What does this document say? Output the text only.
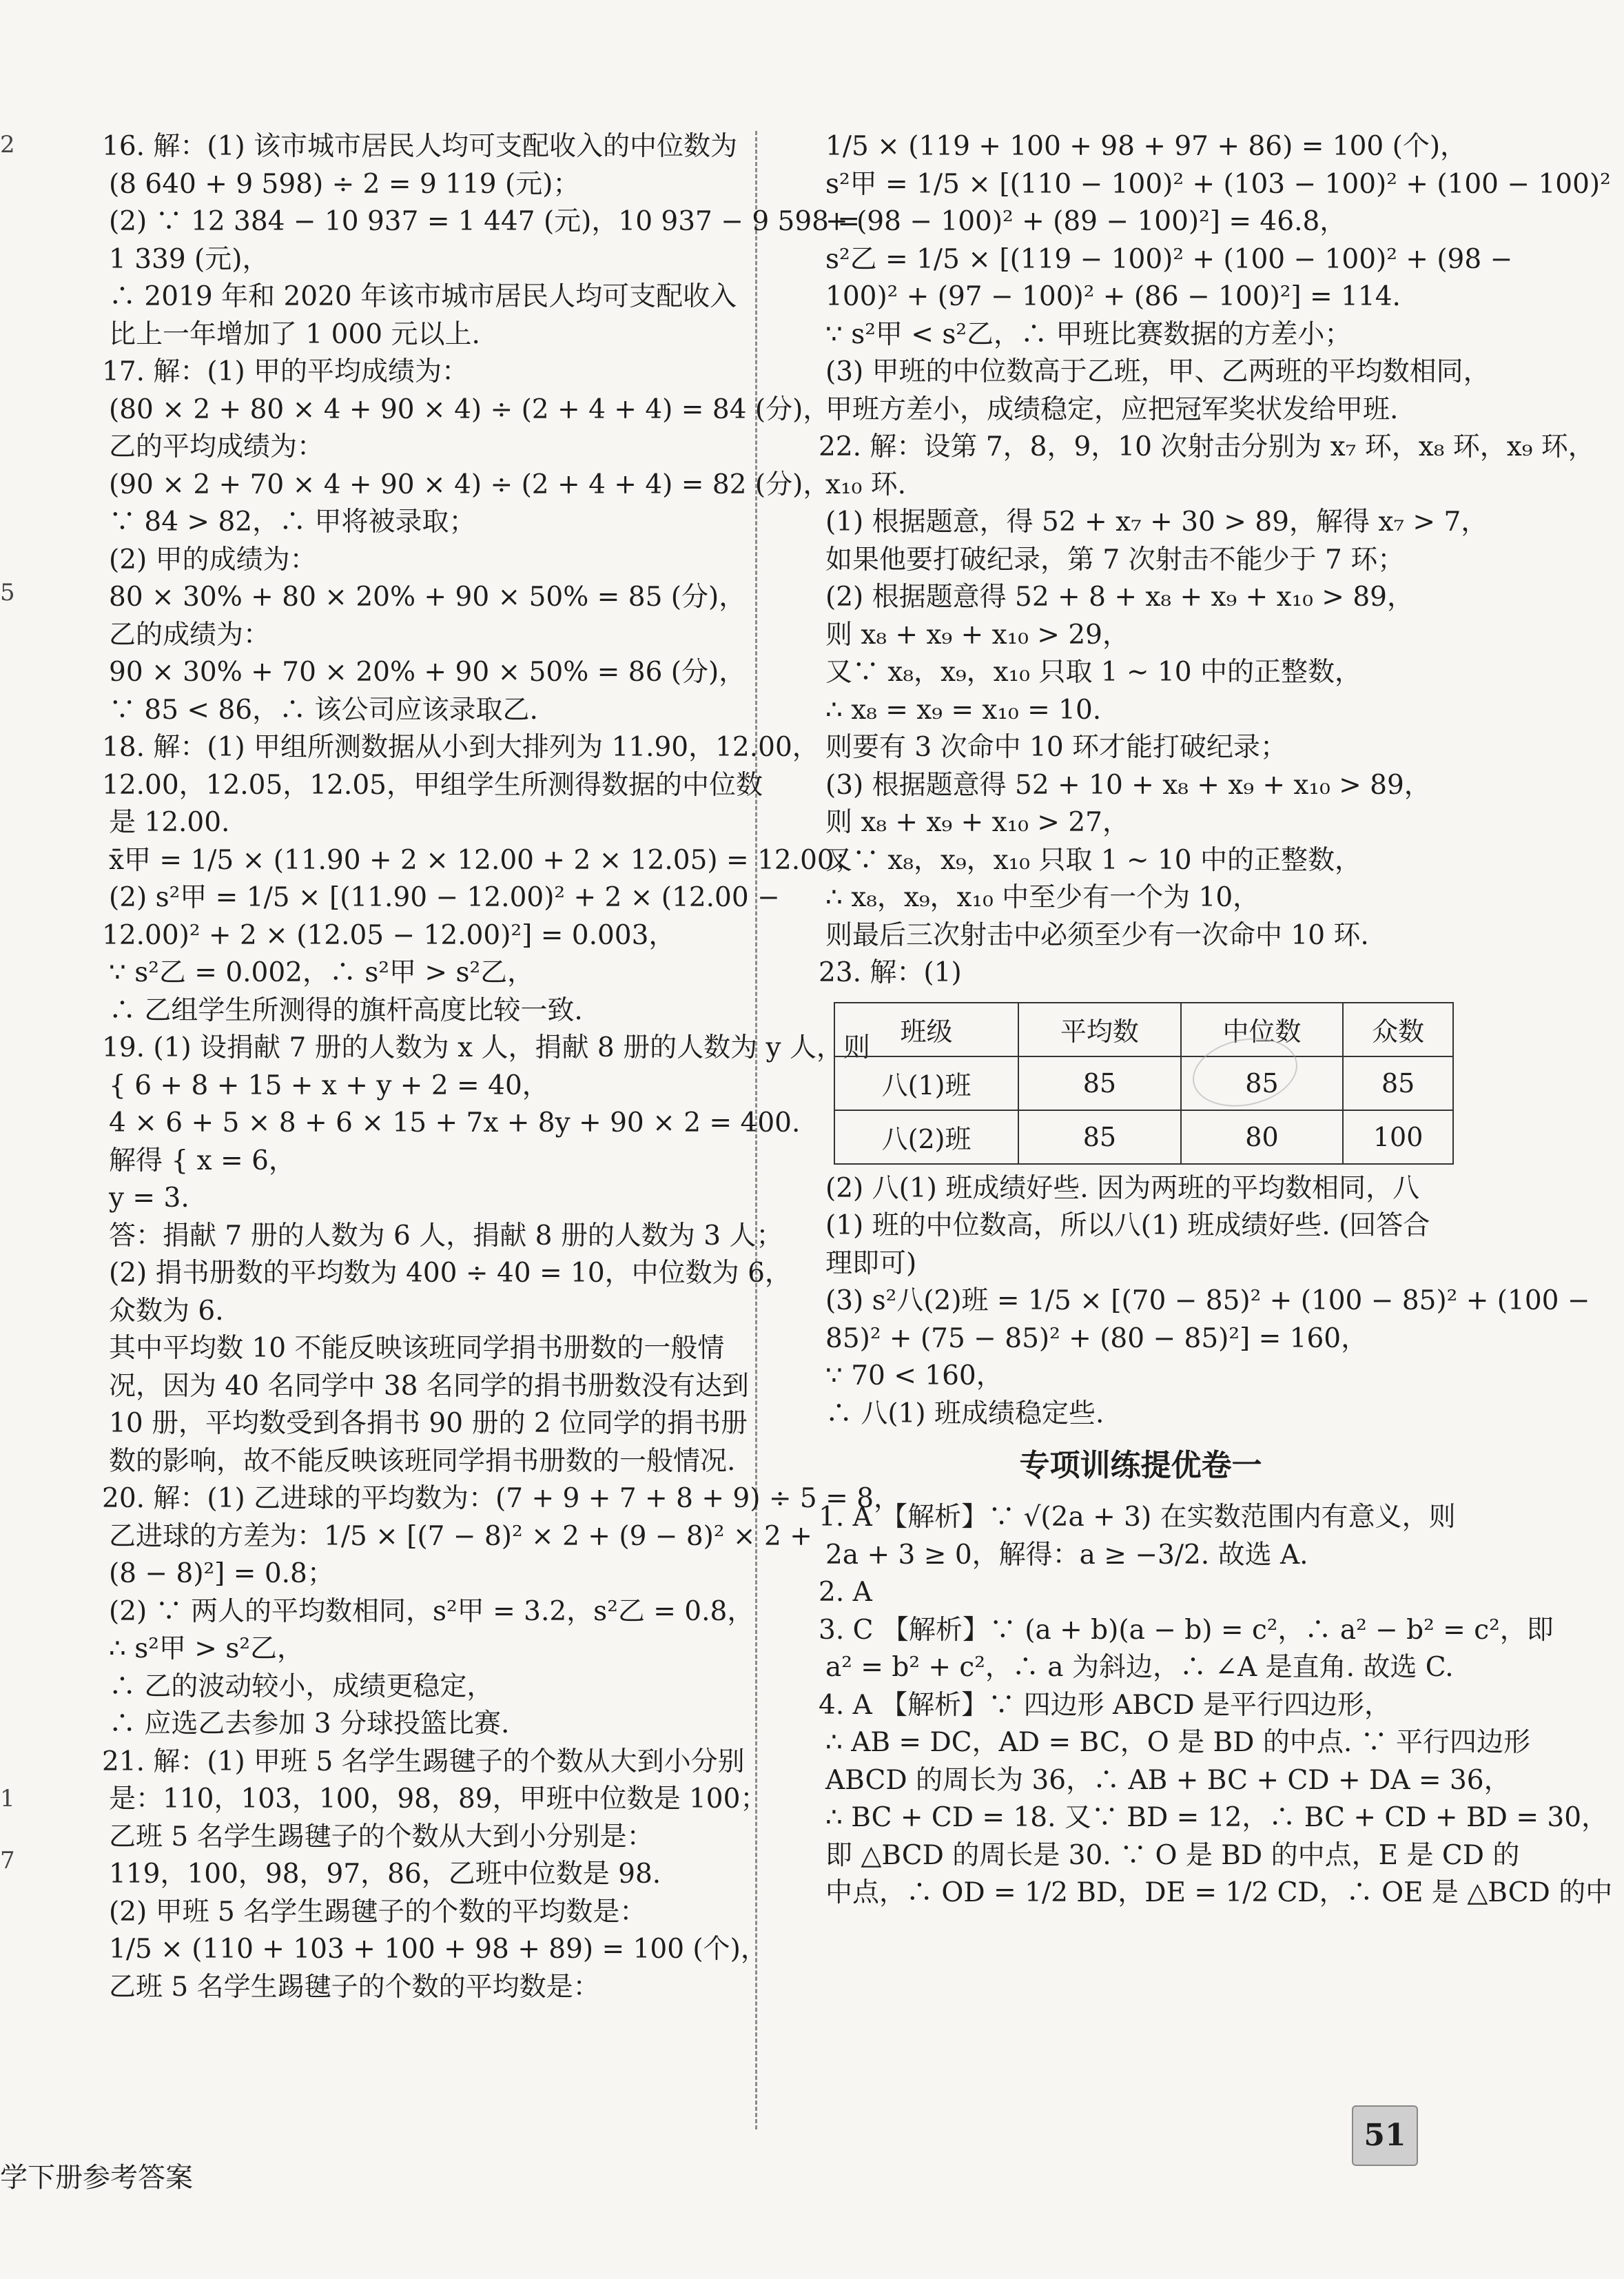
16. 解：(1) 该市城市居民人均可支配收入的中位数为
(8 640 + 9 598) ÷ 2 = 9 119 (元)；
(2) ∵ 12 384 − 10 937 = 1 447 (元)，10 937 − 9 598 =
1 339 (元)，
∴ 2019 年和 2020 年该市城市居民人均可支配收入
比上一年增加了 1 000 元以上.
17. 解：(1) 甲的平均成绩为：
(80 × 2 + 80 × 4 + 90 × 4) ÷ (2 + 4 + 4) = 84 (分)，
乙的平均成绩为：
(90 × 2 + 70 × 4 + 90 × 4) ÷ (2 + 4 + 4) = 82 (分)，
∵ 84 > 82，∴ 甲将被录取；
(2) 甲的成绩为：
80 × 30% + 80 × 20% + 90 × 50% = 85 (分)，
乙的成绩为：
90 × 30% + 70 × 20% + 90 × 50% = 86 (分)，
∵ 85 < 86，∴ 该公司应该录取乙.
18. 解：(1) 甲组所测数据从小到大排列为 11.90，12.00，
12.00，12.05，12.05，甲组学生所测得数据的中位数
是 12.00.
x̄甲 = 1/5 × (11.90 + 2 × 12.00 + 2 × 12.05) = 12.00；
(2) s²甲 = 1/5 × [(11.90 − 12.00)² + 2 × (12.00 −
12.00)² + 2 × (12.05 − 12.00)²] = 0.003，
∵ s²乙 = 0.002，∴ s²甲 > s²乙，
∴ 乙组学生所测得的旗杆高度比较一致.
19. (1) 设捐献 7 册的人数为 x 人，捐献 8 册的人数为 y 人，则
{ 6 + 8 + 15 + x + y + 2 = 40，
4 × 6 + 5 × 8 + 6 × 15 + 7x + 8y + 90 × 2 = 400.
解得 { x = 6，
y = 3.
答：捐献 7 册的人数为 6 人，捐献 8 册的人数为 3 人；
(2) 捐书册数的平均数为 400 ÷ 40 = 10，中位数为 6，
众数为 6.
其中平均数 10 不能反映该班同学捐书册数的一般情
况，因为 40 名同学中 38 名同学的捐书册数没有达到
10 册，平均数受到各捐书 90 册的 2 位同学的捐书册
数的影响，故不能反映该班同学捐书册数的一般情况.
20. 解：(1) 乙进球的平均数为：(7 + 9 + 7 + 8 + 9) ÷ 5 = 8，
乙进球的方差为：1/5 × [(7 − 8)² × 2 + (9 − 8)² × 2 +
(8 − 8)²] = 0.8；
(2) ∵ 两人的平均数相同，s²甲 = 3.2，s²乙 = 0.8，
∴ s²甲 > s²乙，
∴ 乙的波动较小，成绩更稳定，
∴ 应选乙去参加 3 分球投篮比赛.
21. 解：(1) 甲班 5 名学生踢毽子的个数从大到小分别
是：110，103，100，98，89，甲班中位数是 100；
乙班 5 名学生踢毽子的个数从大到小分别是：
119，100，98，97，86，乙班中位数是 98.
(2) 甲班 5 名学生踢毽子的个数的平均数是：
1/5 × (110 + 103 + 100 + 98 + 89) = 100 (个)，
乙班 5 名学生踢毽子的个数的平均数是：
1/5 × (119 + 100 + 98 + 97 + 86) = 100 (个)，
s²甲 = 1/5 × [(110 − 100)² + (103 − 100)² + (100 − 100)²
+ (98 − 100)² + (89 − 100)²] = 46.8，
s²乙 = 1/5 × [(119 − 100)² + (100 − 100)² + (98 −
100)² + (97 − 100)² + (86 − 100)²] = 114.
∵ s²甲 < s²乙，∴ 甲班比赛数据的方差小；
(3) 甲班的中位数高于乙班，甲、乙两班的平均数相同，
甲班方差小，成绩稳定，应把冠军奖状发给甲班.
22. 解：设第 7，8，9，10 次射击分别为 x₇ 环，x₈ 环，x₉ 环，
x₁₀ 环.
(1) 根据题意，得 52 + x₇ + 30 > 89，解得 x₇ > 7，
如果他要打破纪录，第 7 次射击不能少于 7 环；
(2) 根据题意得 52 + 8 + x₈ + x₉ + x₁₀ > 89，
则 x₈ + x₉ + x₁₀ > 29，
又∵ x₈，x₉，x₁₀ 只取 1 ~ 10 中的正整数，
∴ x₈ = x₉ = x₁₀ = 10.
则要有 3 次命中 10 环才能打破纪录；
(3) 根据题意得 52 + 10 + x₈ + x₉ + x₁₀ > 89，
则 x₈ + x₉ + x₁₀ > 27，
又∵ x₈，x₉，x₁₀ 只取 1 ~ 10 中的正整数，
∴ x₈，x₉，x₁₀ 中至少有一个为 10，
则最后三次射击中必须至少有一次命中 10 环.
23. 解：(1)
班级	平均数	中位数	众数
八(1)班	85	85	85
八(2)班	85	80	100
(2) 八(1) 班成绩好些. 因为两班的平均数相同，八
(1) 班的中位数高，所以八(1) 班成绩好些. (回答合
理即可)
(3) s²八(2)班 = 1/5 × [(70 − 85)² + (100 − 85)² + (100 −
85)² + (75 − 85)² + (80 − 85)²] = 160，
∵ 70 < 160，
∴ 八(1) 班成绩稳定些.
专项训练提优卷一
1. A 【解析】∵ √(2a + 3) 在实数范围内有意义，则
2a + 3 ≥ 0，解得：a ≥ −3/2. 故选 A.
2. A
3. C 【解析】∵ (a + b)(a − b) = c²，∴ a² − b² = c²，即
a² = b² + c²，∴ a 为斜边，∴ ∠A 是直角. 故选 C.
4. A 【解析】∵ 四边形 ABCD 是平行四边形，
∴ AB = DC，AD = BC，O 是 BD 的中点. ∵ 平行四边形
ABCD 的周长为 36，∴ AB + BC + CD + DA = 36，
∴ BC + CD = 18. 又∵ BD = 12，∴ BC + CD + BD = 30，
即 △BCD 的周长是 30. ∵ O 是 BD 的中点，E 是 CD 的
中点，∴ OD = 1/2 BD，DE = 1/2 CD，∴ OE 是 △BCD 的中
2
5
1
7
学下册参考答案
51
